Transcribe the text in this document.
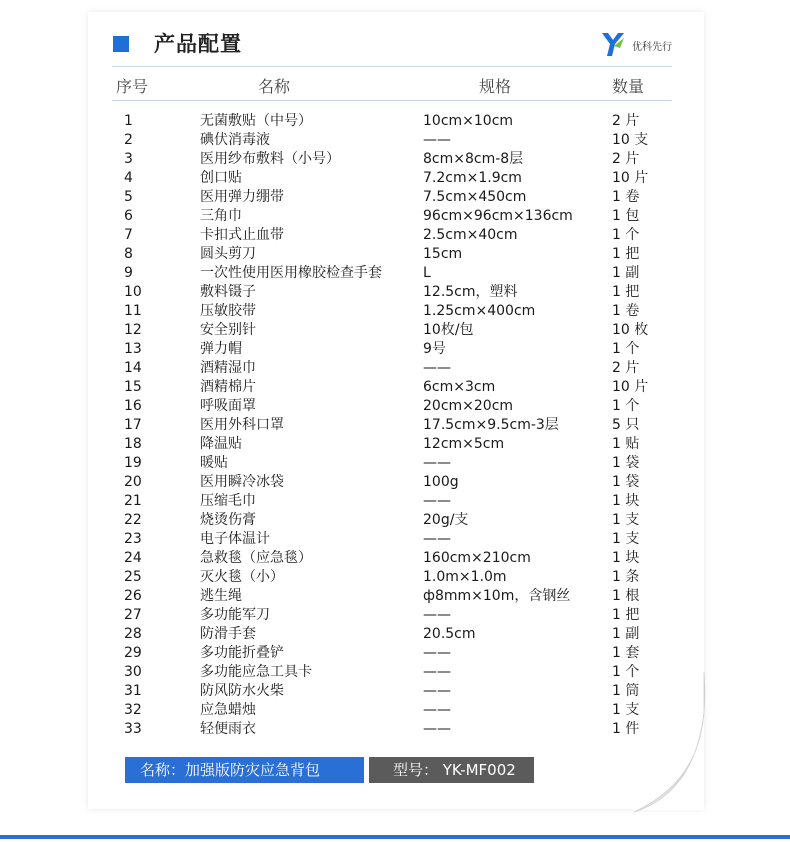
产品配置	优科先行
序号	名称	规格	数量
1	无菌敷贴（中号）	10cm×10cm	2 片
2	碘伏消毒液	——	10 支
3	医用纱布敷料（小号）	8cm×8cm-8层	2 片
4	创口贴	7.2cm×1.9cm	10 片
5	医用弹力绷带	7.5cm×450cm	1 卷
6	三角巾	96cm×96cm×136cm	1 包
7	卡扣式止血带	2.5cm×40cm	1 个
8	圆头剪刀	15cm	1 把
9	一次性使用医用橡胶检查手套	L	1 副
10	敷料镊子	12.5cm，塑料	1 把
11	压敏胶带	1.25cm×400cm	1 卷
12	安全别针	10枚/包	10 枚
13	弹力帽	9号	1 个
14	酒精湿巾	——	2 片
15	酒精棉片	6cm×3cm	10 片
16	呼吸面罩	20cm×20cm	1 个
17	医用外科口罩	17.5cm×9.5cm-3层	5 只
18	降温贴	12cm×5cm	1 贴
19	暖贴	——	1 袋
20	医用瞬冷冰袋	100g	1 袋
21	压缩毛巾	——	1 块
22	烧烫伤膏	20g/支	1 支
23	电子体温计	——	1 支
24	急救毯（应急毯）	160cm×210cm	1 块
25	灭火毯（小）	1.0m×1.0m	1 条
26	逃生绳	ф8mm×10m，含钢丝	1 根
27	多功能军刀	——	1 把
28	防滑手套	20.5cm	1 副
29	多功能折叠铲	——	1 套
30	多功能应急工具卡	——	1 个
31	防风防水火柴	——	1 筒
32	应急蜡烛	——	1 支
33	轻便雨衣	——	1 件
名称：加强版防灾应急背包	型号： YK-MF002
